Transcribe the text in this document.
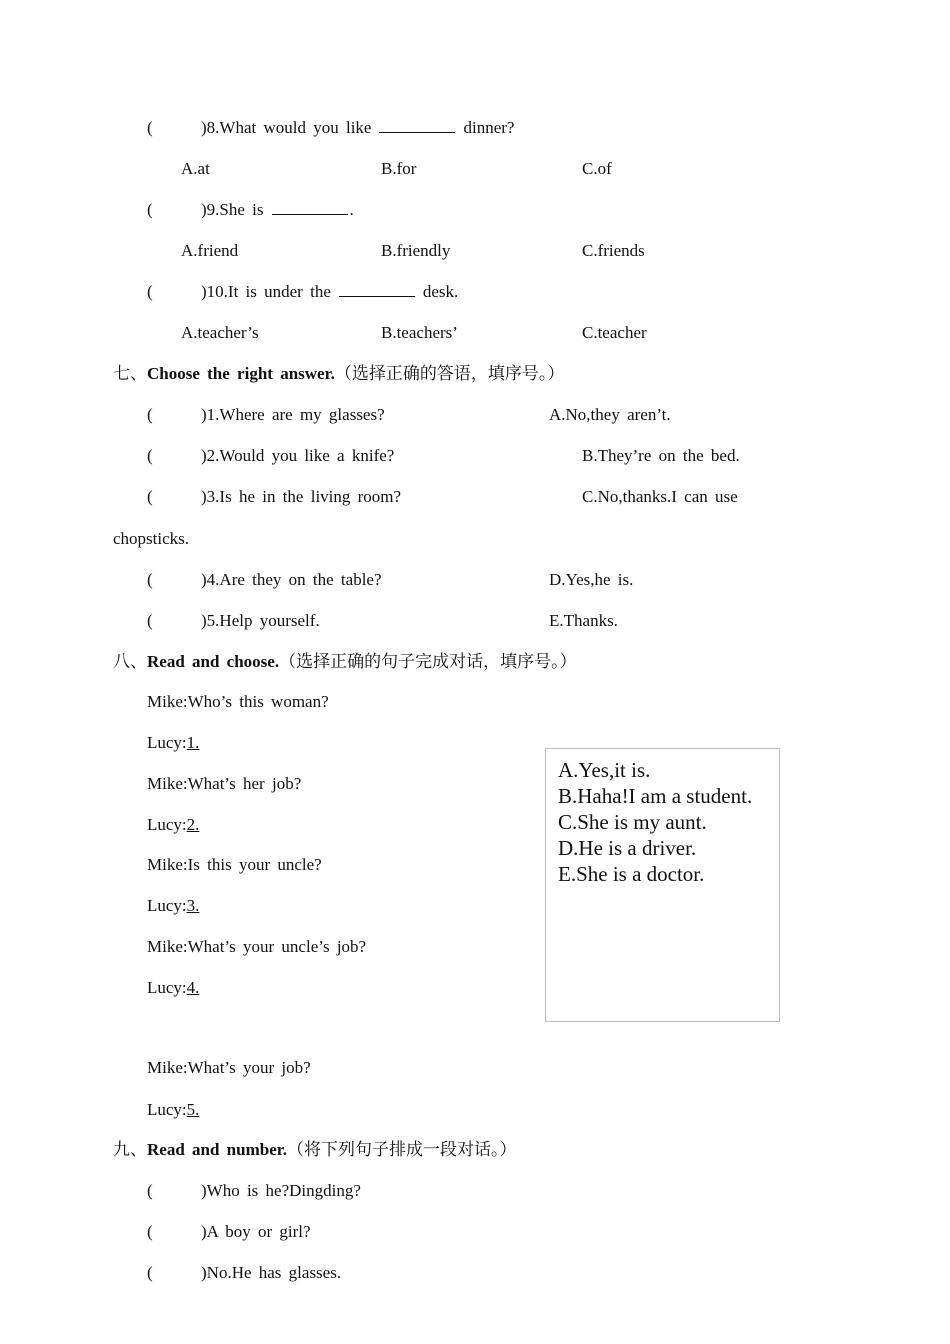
(	)8.What would you like	dinner?
A.at	B.for	C.of
(	)9.She is	.
A.friend	B.friendly	C.friends
(	)10.It is under the	desk.
A.teacher’s	B.teachers’	C.teacher
七、Choose the right answer.（选择正确的答语，填序号。）
(	)1.Where are my glasses?	A.No,they aren’t.
(	)2.Would you like a knife?	B.They’re on the bed.
(	)3.Is he in the living room?	C.No,thanks.I can use
chopsticks.
(	)4.Are they on the table?	D.Yes,he is.
(	)5.Help yourself.	E.Thanks.
八、Read and choose.（选择正确的句子完成对话，填序号。）
Mike:Who’s this woman?
Lucy:1.
Mike:What’s her job?
Lucy:2.
Mike:Is this your uncle?
Lucy:3.
Mike:What’s your uncle’s job?
Lucy:4.
Mike:What’s your job?
Lucy:5.
A.Yes,it is.
B.Haha!I am a student.
C.She is my aunt.
D.He is a driver.
E.She is a doctor.
九、Read and number.（将下列句子排成一段对话。）
(	)Who is he?Dingding?
(	)A boy or girl?
(	)No.He has glasses.
